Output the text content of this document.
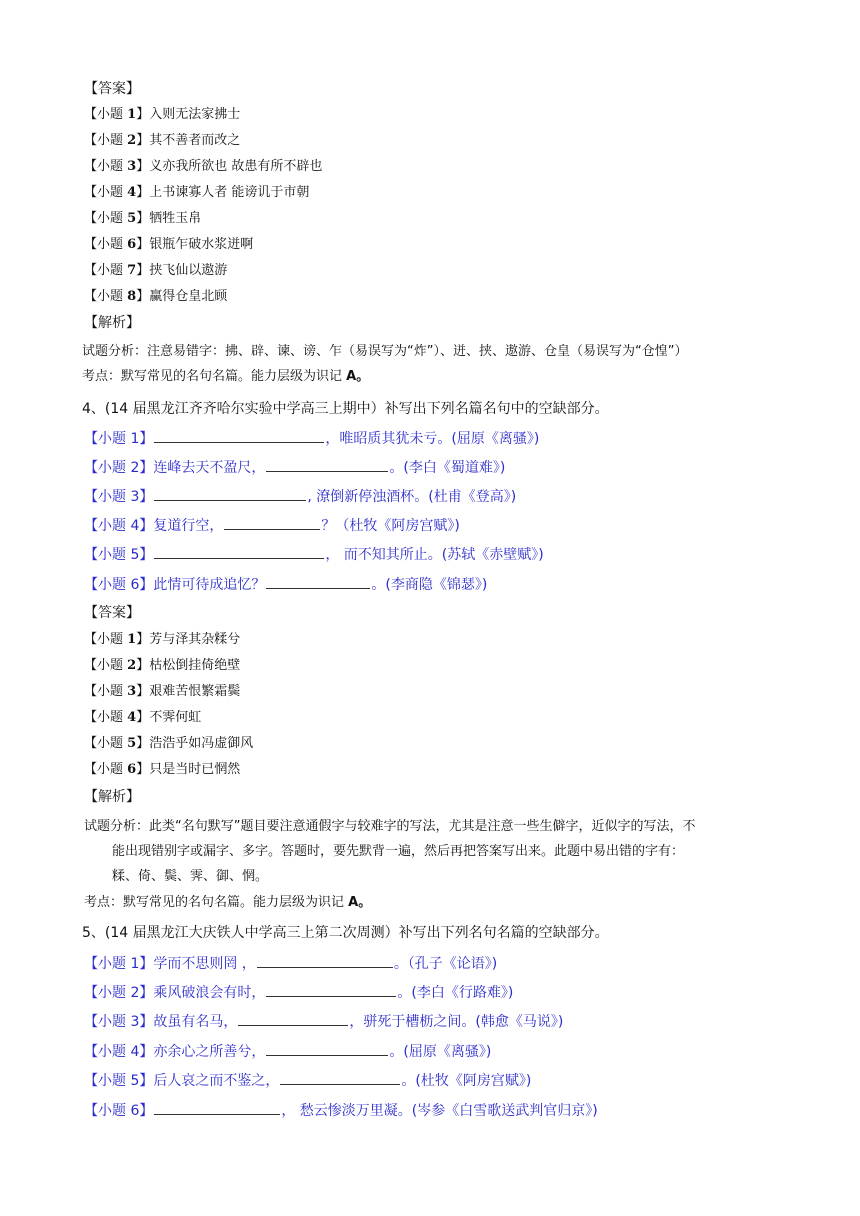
【答案】
【小题 1】入则无法家拂士
【小题 2】其不善者而改之
【小题 3】义亦我所欲也 故患有所不辟也
【小题 4】上书谏寡人者 能谤讥于市朝
【小题 5】牺牲玉帛
【小题 6】银瓶乍破水浆迸啊
【小题 7】挟飞仙以遨游
【小题 8】赢得仓皇北顾
【解析】
试题分析：注意易错字：拂、辟、谏、谤、乍（易误写为“炸”）、迸、挟、遨游、仓皇（易误写为“仓惶”）
考点：默写常见的名句名篇。能力层级为识记 A。
4、(14 届黑龙江齐齐哈尔实验中学高三上期中）补写出下列名篇名句中的空缺部分。
【小题 1】	，唯昭质其犹未亏。(屈原《离骚》)
【小题 2】连峰去天不盈尺，	。(李白《蜀道难》)
【小题 3】	, 潦倒新停浊酒杯。(杜甫《登高》)
【小题 4】复道行空，	？（杜牧《阿房宫赋》)
【小题 5】	， 而不知其所止。(苏轼《赤壁赋》)
【小题 6】此情可待成追忆？	。(李商隐《锦瑟》)
【答案】
【小题 1】芳与泽其杂糅兮
【小题 2】枯松倒挂倚绝壁
【小题 3】艰难苦恨繁霜鬓
【小题 4】不霁何虹
【小题 5】浩浩乎如冯虚御风
【小题 6】只是当时已惘然
【解析】
试题分析：此类“名句默写”题目要注意通假字与较难字的写法，尤其是注意一些生僻字，近似字的写法，不
能出现错别字或漏字、多字。答题时，要先默背一遍，然后再把答案写出来。此题中易出错的字有：
糅、倚、鬓、霁、御、惘。
考点：默写常见的名句名篇。能力层级为识记 A。
5、(14 届黑龙江大庆铁人中学高三上第二次周测）补写出下列名句名篇的空缺部分。
【小题 1】学而不思则罔 ，	。（孔子《论语》)
【小题 2】乘风破浪会有时，	。(李白《行路难》)
【小题 3】故虽有名马，	，骈死于槽枥之间。(韩愈《马说》)
【小题 4】亦余心之所善兮，	。(屈原《离骚》)
【小题 5】后人哀之而不鉴之，	。(杜牧《阿房宫赋》)
【小题 6】	， 愁云惨淡万里凝。(岑参《白雪歌送武判官归京》)
